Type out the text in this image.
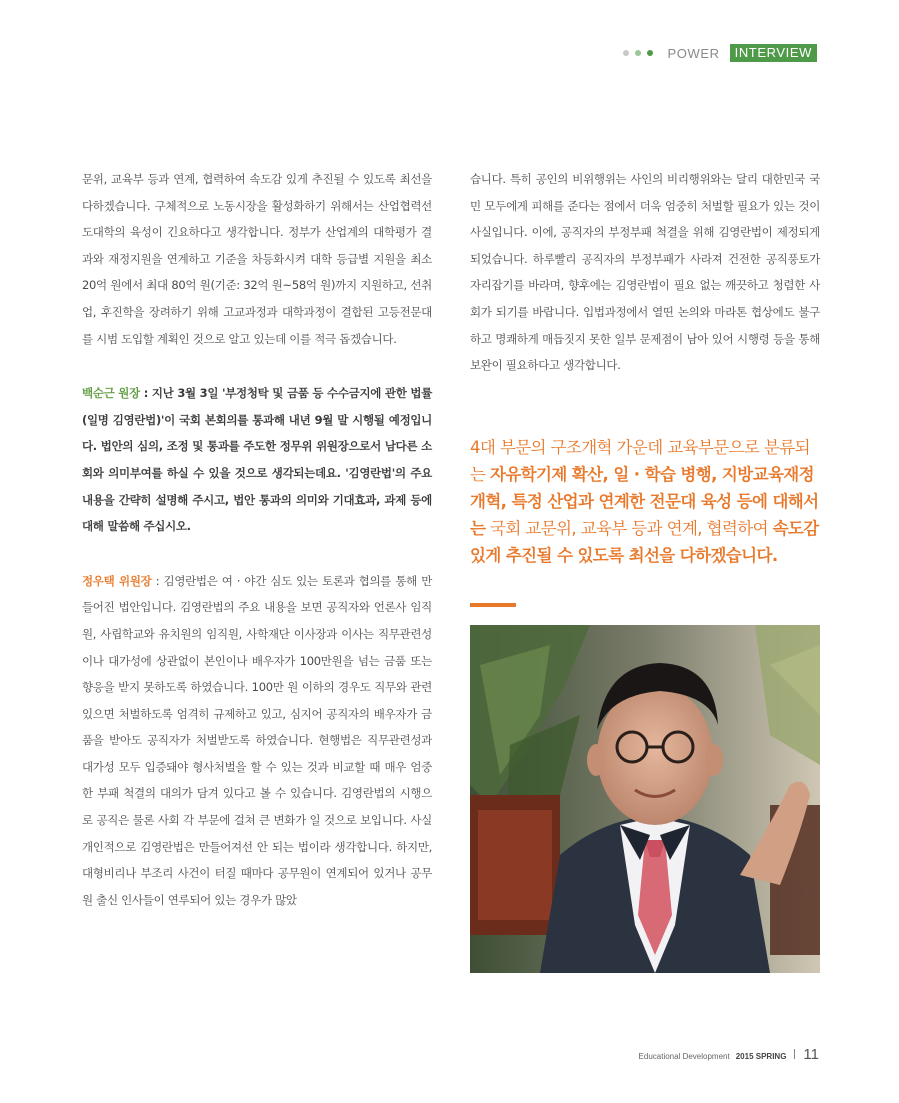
POWER	INTERVIEW

문위, 교육부 등과 연계, 협력하여 속도감 있게 추진될 수 있도록 최선을 다하겠습니다. 구체적으로 노동시장을 활성화하기 위해서는 산업협력선도대학의 육성이 긴요하다고 생각합니다. 정부가 산업계의 대학평가 결과와 재정지원을 연계하고 기준을 차등화시켜 대학 등급별 지원을 최소 20억 원에서 최대 80억 원(기준: 32억 원~58억 원)까지 지원하고, 선취업, 후진학을 장려하기 위해 고교과정과 대학과정이 결합된 고등전문대를 시범 도입할 계획인 것으로 알고 있는데 이를 적극 돕겠습니다.

백순근 원장 : 지난 3월 3일 '부정청탁 및 금품 등 수수금지에 관한 법률(일명 김영란법)'이 국회 본회의를 통과해 내년 9월 말 시행될 예정입니다. 법안의 심의, 조정 및 통과를 주도한 정무위 위원장으로서 남다른 소회와 의미부여를 하실 수 있을 것으로 생각되는데요. '김영란법'의 주요 내용을 간략히 설명해 주시고, 법안 통과의 의미와 기대효과, 과제 등에 대해 말씀해 주십시오.

정우택 위원장 : 김영란법은 여 · 야간 심도 있는 토론과 협의를 통해 만들어진 법안입니다. 김영란법의 주요 내용을 보면 공직자와 언론사 임직원, 사립학교와 유치원의 임직원, 사학재단 이사장과 이사는 직무관련성이나 대가성에 상관없이 본인이나 배우자가 100만원을 넘는 금품 또는 향응을 받지 못하도록 하였습니다. 100만 원 이하의 경우도 직무와 관련 있으면 처벌하도록 엄격히 규제하고 있고, 심지어 공직자의 배우자가 금품을 받아도 공직자가 처벌받도록 하였습니다. 현행법은 직무관련성과 대가성 모두 입증돼야 형사처벌을 할 수 있는 것과 비교할 때 매우 엄중한 부패 척결의 대의가 담겨 있다고 볼 수 있습니다. 김영란법의 시행으로 공직은 물론 사회 각 부문에 걸쳐 큰 변화가 일 것으로 보입니다. 사실 개인적으로 김영란법은 만들어져선 안 되는 법이라 생각합니다. 하지만, 대형비리나 부조리 사건이 터질 때마다 공무원이 연계되어 있거나 공무원 출신 인사들이 연루되어 있는 경우가 많았

습니다. 특히 공인의 비위행위는 사인의 비리행위와는 달리 대한민국 국민 모두에게 피해를 준다는 점에서 더욱 엄중히 처벌할 필요가 있는 것이 사실입니다. 이에, 공직자의 부정부패 척결을 위해 김영란법이 제정되게 되었습니다. 하루빨리 공직자의 부정부패가 사라져 건전한 공직풍토가 자리잡기를 바라며, 향후에는 김영란법이 필요 없는 깨끗하고 청렴한 사회가 되기를 바랍니다. 입법과정에서 열띤 논의와 마라톤 협상에도 불구하고 명쾌하게 매듭짓지 못한 일부 문제점이 남아 있어 시행령 등을 통해 보완이 필요하다고 생각합니다.

4대 부문의 구조개혁 가운데 교육부문으로 분류되는 자유학기제 확산, 일 · 학습 병행, 지방교육재정 개혁, 특정 산업과 연계한 전문대 육성 등에 대해서는 국회 교문위, 교육부 등과 연계, 협력하여 속도감 있게 추진될 수 있도록 최선을 다하겠습니다.
Educational Development 2015 SPRING 11
